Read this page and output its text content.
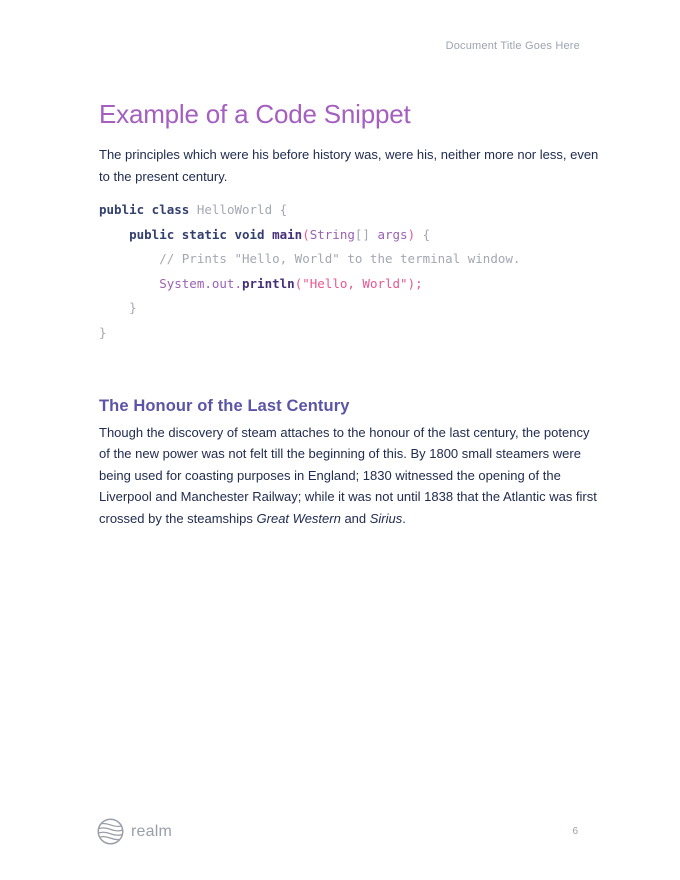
Document Title Goes Here
Example of a Code Snippet
The principles which were his before history was, were his, neither more nor less, even
to the present century.
public class HelloWorld {
public static void main(String[] args) {
// Prints "Hello, World" to the terminal window.
System.out.println("Hello, World");
}
}
The Honour of the Last Century
Though the discovery of steam attaches to the honour of the last century, the potency
of the new power was not felt till the beginning of this. By 1800 small steamers were
being used for coasting purposes in England; 1830 witnessed the opening of the
Liverpool and Manchester Railway; while it was not until 1838 that the Atlantic was first
crossed by the steamships Great Western and Sirius.
realm	6
